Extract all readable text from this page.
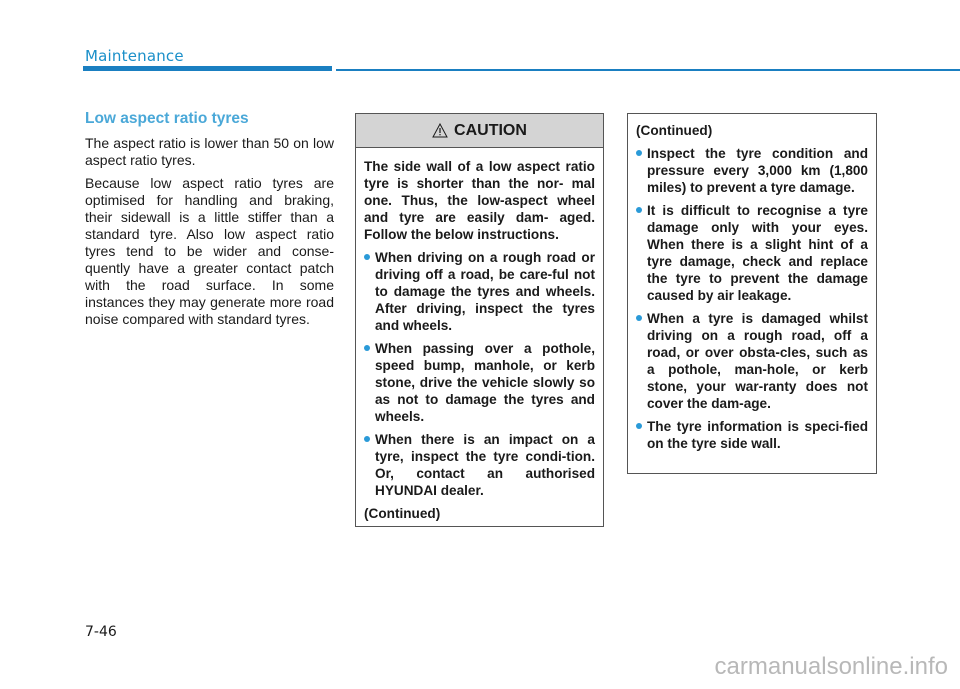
Maintenance
Low aspect ratio tyres

The aspect ratio is lower than 50 on low aspect ratio tyres.

Because low aspect ratio tyres are optimised for handling and braking, their sidewall is a little stiffer than a standard tyre. Also low aspect ratio tyres tend to be wider and conse-quently have a greater contact patch with the road surface. In some instances they may generate more road noise compared with standard tyres.

CAUTION

The side wall of a low aspect ratio tyre is shorter than the nor- mal one. Thus, the low-aspect wheel and tyre are easily dam- aged. Follow the below instructions.

When driving on a rough road or driving off a road, be care-ful not to damage the tyres and wheels. After driving, inspect the tyres and wheels.
When passing over a pothole, speed bump, manhole, or kerb stone, drive the vehicle slowly so as not to damage the tyres and wheels.
When there is an impact on a tyre, inspect the tyre condi-tion. Or, contact an authorised HYUNDAI dealer.

(Continued)

(Continued)

Inspect the tyre condition and pressure every 3,000 km (1,800 miles) to prevent a tyre damage.
It is difficult to recognise a tyre damage only with your eyes. When there is a slight hint of a tyre damage, check and replace the tyre to prevent the damage caused by air leakage.
When a tyre is damaged whilst driving on a rough road, off a road, or over obsta-cles, such as a pothole, man-hole, or kerb stone, your war-ranty does not cover the dam-age.
The tyre information is speci-fied on the tyre side wall.
7-46
carmanualsonline.info
